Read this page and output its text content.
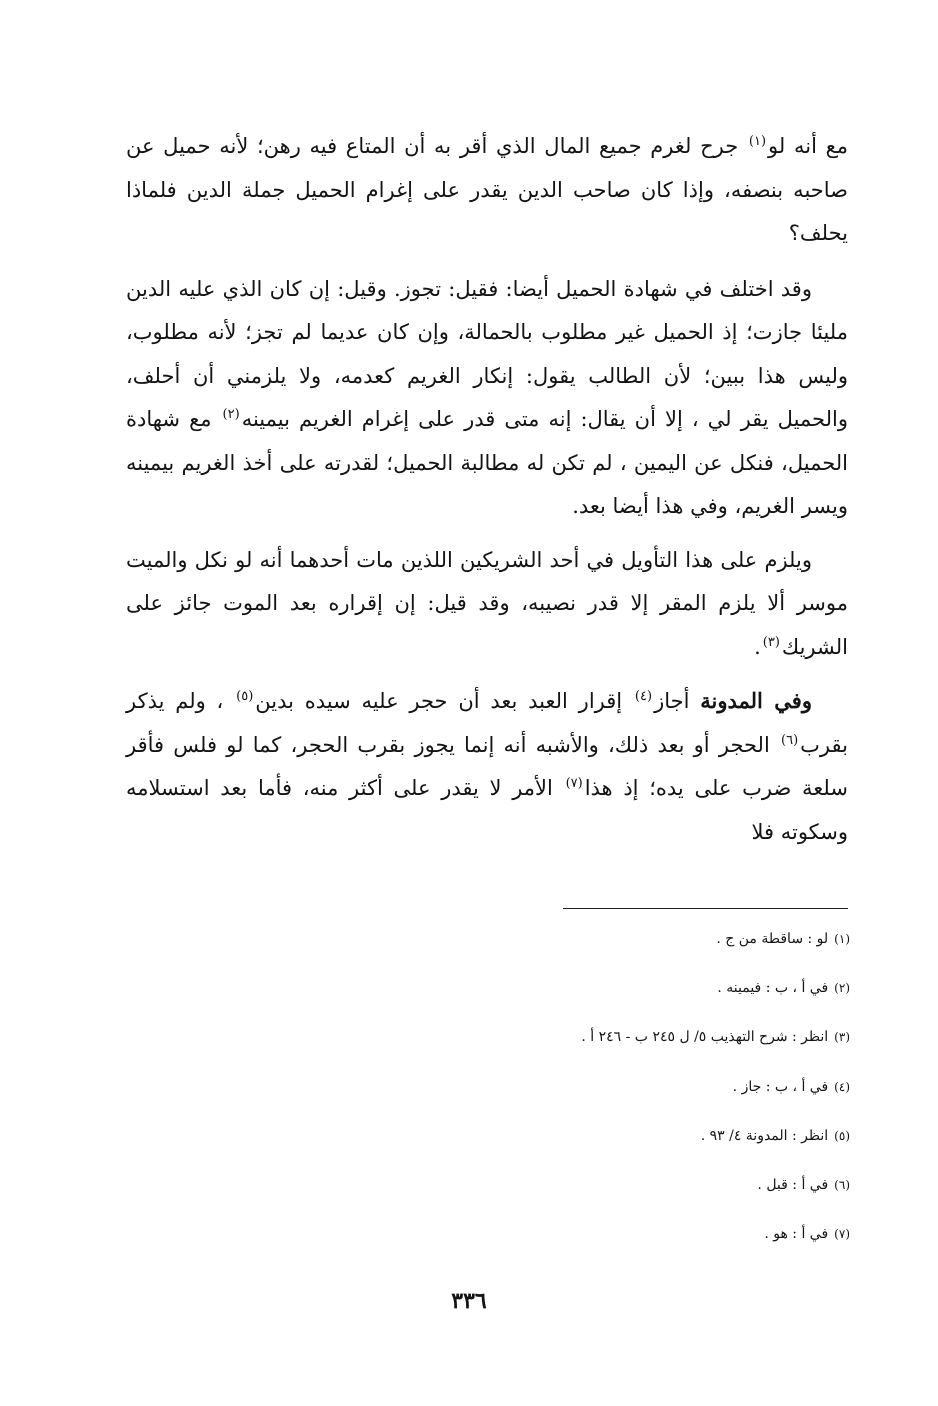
مع أنه لو$^{(١)}$ جرح لغرم جميع المال الذي أقر به أن المتاع فيه رهن؛ لأنه حميل عن صاحبه بنصفه، وإذا كان صاحب الدين يقدر على إغرام الحميل جملة الدين فلماذا يحلف؟

وقد اختلف في شهادة الحميل أيضا: فقيل: تجوز. وقيل: إن كان الذي عليه الدين مليئا جازت؛ إذ الحميل غير مطلوب بالحمالة، وإن كان عديما لم تجز؛ لأنه مطلوب، وليس هذا ببين؛ لأن الطالب يقول: إنكار الغريم كعدمه، ولا يلزمني أن أحلف، والحميل يقر لي ، إلا أن يقال: إنه متى قدر على إغرام الغريم بيمينه$^{(٢)}$ مع شهادة الحميل، فنكل عن اليمين ، لم تكن له مطالبة الحميل؛ لقدرته على أخذ الغريم بيمينه ويسر الغريم، وفي هذا أيضا بعد.

ويلزم على هذا التأويل في أحد الشريكين اللذين مات أحدهما أنه لو نكل والميت موسر ألا يلزم المقر إلا قدر نصيبه، وقد قيل: إن إقراره بعد الموت جائز على الشريك$^{(٣)}$.

وفي المدونة أجاز$^{(٤)}$ إقرار العبد بعد أن حجر عليه سيده بدين$^{(٥)}$ ، ولم يذكر بقرب$^{(٦)}$ الحجر أو بعد ذلك، والأشبه أنه إنما يجوز بقرب الحجر، كما لو فلس فأقر سلعة ضرب على يده؛ إذ هذا$^{(٧)}$ الأمر لا يقدر على أكثر منه، فأما بعد استسلامه وسكوته فلا

(١)لو : ساقطة من ج .
(٢)في أ ، ب : فيمينه .
(٣)انظر : شرح التهذيب ٥/ ل ٢٤٥ ب - ٢٤٦ أ .
(٤)في أ ، ب : جاز .
(٥)انظر : المدونة ٤/ ٩٣ .
(٦)في أ : قبل .
(٧)في أ : هو .
٣٣٦
